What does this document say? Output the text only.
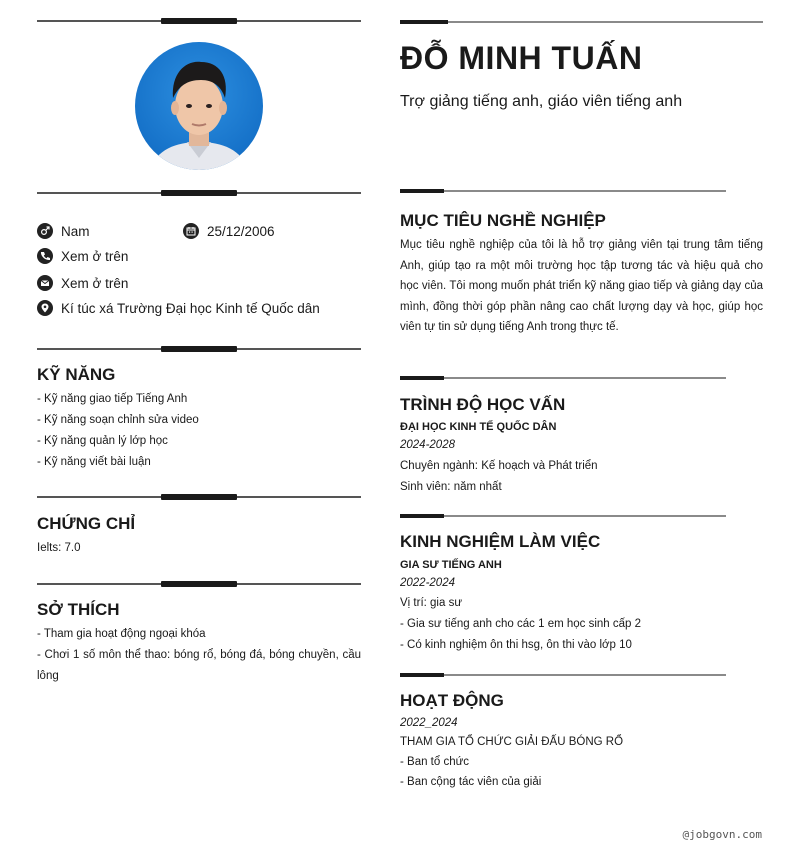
Nam	25/12/2006
Xem ở trên
Xem ở trên
Kí túc xá Trường Đại học Kinh tế Quốc dân
KỸ NĂNG
- Kỹ năng giao tiếp Tiếng Anh
- Kỹ năng soạn chỉnh sửa video
- Kỹ năng quản lý lớp học
- Kỹ năng viết bài luận
CHỨNG CHỈ
Ielts: 7.0
SỞ THÍCH
- Tham gia hoạt động ngoại khóa
- Chơi 1 số môn thể thao: bóng rổ, bóng đá, bóng chuyền, cầu lông
ĐỖ MINH TUẤN
Trợ giảng tiếng anh, giáo viên tiếng anh
MỤC TIÊU NGHỀ NGHIỆP
Mục tiêu nghề nghiệp của tôi là hỗ trợ giảng viên tại trung tâm tiếng Anh, giúp tạo ra một môi trường học tập tương tác và hiệu quả cho học viên. Tôi mong muốn phát triển kỹ năng giao tiếp và giảng dạy của mình, đồng thời góp phần nâng cao chất lượng dạy và học, giúp học viên tự tin sử dụng tiếng Anh trong thực tế.
TRÌNH ĐỘ HỌC VẤN
ĐẠI HỌC KINH TẾ QUỐC DÂN
2024-2028
Chuyên ngành: Kế hoạch và Phát triển
Sinh viên: năm nhất
KINH NGHIỆM LÀM VIỆC
GIA SƯ TIẾNG ANH
2022-2024
Vị trí: gia sư
- Gia sư tiếng anh cho các 1 em học sinh cấp 2
- Có kinh nghiệm ôn thi hsg, ôn thi vào lớp 10
HOẠT ĐỘNG
2022_2024
THAM GIA TỔ CHỨC GIẢI ĐẤU BÓNG RỔ
- Ban tổ chức
- Ban cộng tác viên của giải
@jobgovn.com
